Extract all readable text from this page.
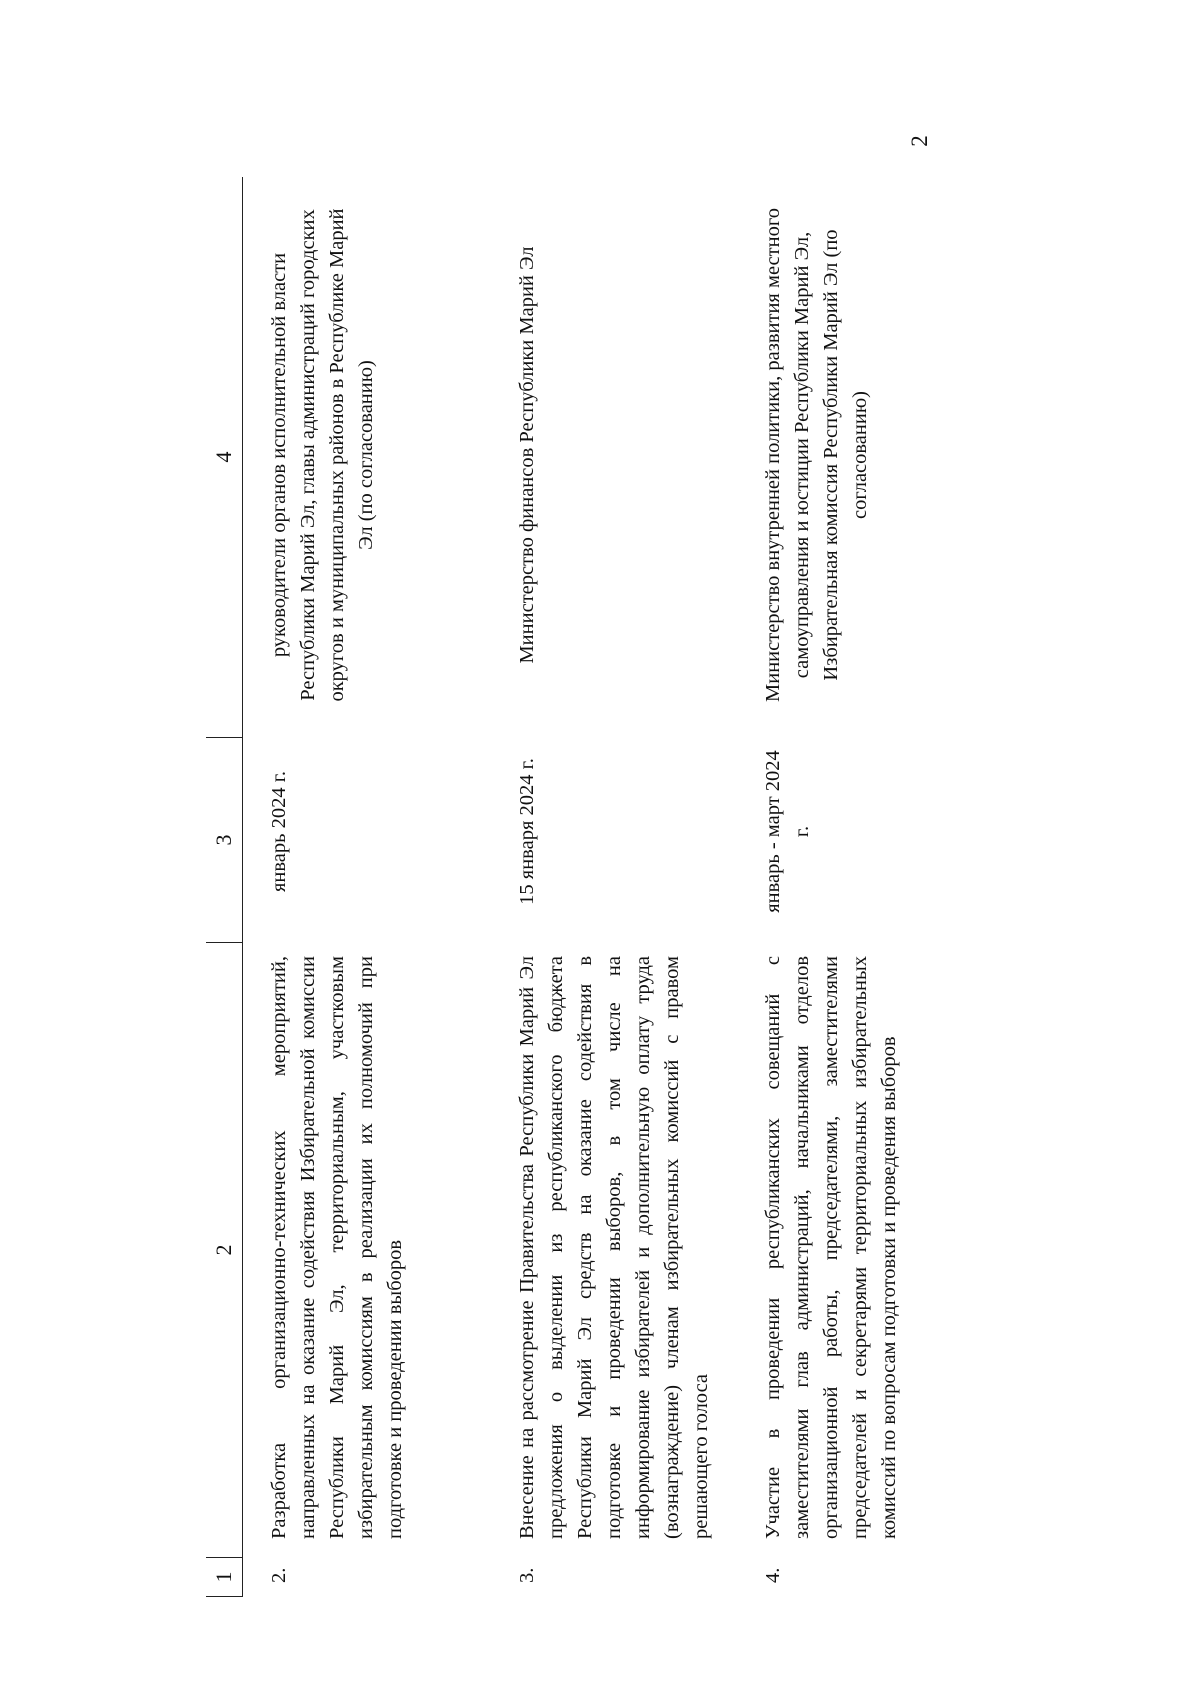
2
1
2
3
4
2.
Разработка организационно-технических мероприятий, направленных на оказание содействия Избирательной комиссии Республики Марий Эл, территориальным, участковым избирательным комиссиям в реализации их полномочий при подготовке и проведении выборов
январь 2024 г.
руководители органов исполнительной власти Республики Марий Эл, главы администраций городских округов и муниципальных районов в Республике Марий Эл (по согласованию)
3.
Внесение на рассмотрение Правительства Республики Марий Эл предложения о выделении из республиканского бюджета Республики Марий Эл средств на оказание содействия в подготовке и проведении выборов, в том числе на информирование избирателей и дополнительную оплату труда (вознаграждение) членам избирательных комиссий с правом решающего голоса
15 января 2024 г.
Министерство финансов Республики Марий Эл
4.
Участие в проведении республиканских совещаний с заместителями глав администраций, начальниками отделов организационной работы, председателями, заместителями председателей и секретарями территориальных избирательных комиссий по вопросам подготовки и проведения выборов
январь - март 2024 г.
Министерство внутренней политики, развития местного самоуправления и юстиции Республики Марий Эл, Избирательная комиссия Республики Марий Эл (по согласованию)
